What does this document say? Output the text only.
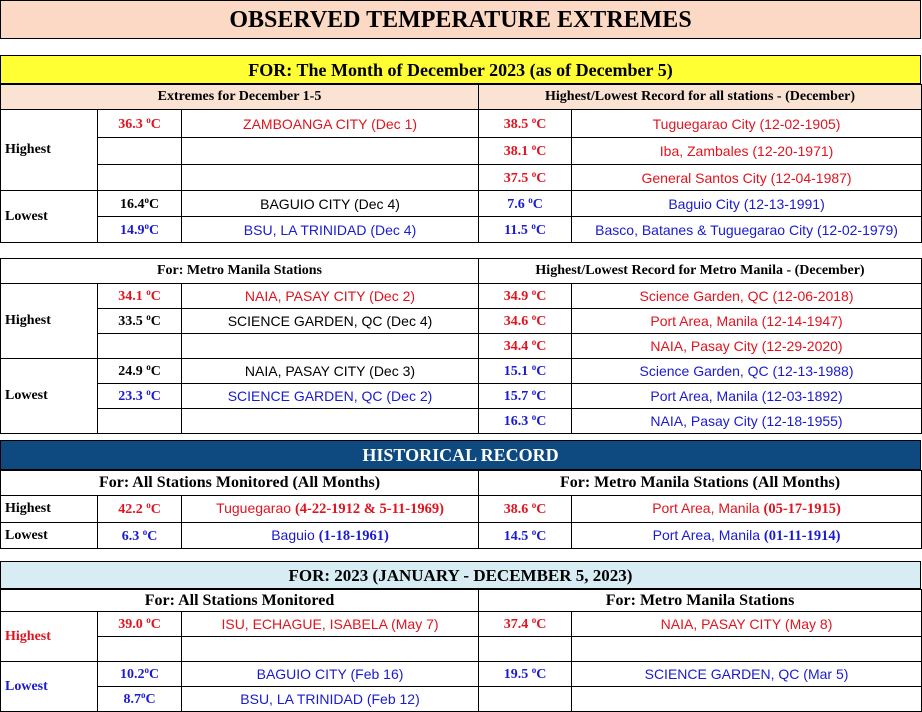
OBSERVED TEMPERATURE EXTREMES
FOR: The Month of December 2023 (as of December 5)
Extremes for December 1-5			Highest/Lowest Record for all stations - (December)	
Highest	36.3 $^o$C	ZAMBOANGA CITY (Dec 1)	38.5 $^o$C	Tuguegarao City (12-02-1905)
			38.1 $^o$C	Iba, Zambales (12-20-1971)
			37.5 $^o$C	General Santos City (12-04-1987)
Lowest	16.4$^o$C	BAGUIO CITY (Dec 4)	7.6 $^o$C	Baguio City (12-13-1991)
	14.9$^o$C	BSU, LA TRINIDAD (Dec 4)	11.5 $^o$C	Basco, Batanes & Tuguegarao City (12-02-1979)
For: Metro Manila Stations			Highest/Lowest Record for Metro Manila - (December)	
Highest	34.1 $^o$C	NAIA, PASAY CITY (Dec 2)	34.9 $^o$C	Science Garden, QC (12-06-2018)
	33.5 $^o$C	SCIENCE GARDEN, QC (Dec 4)	34.6 $^o$C	Port Area, Manila (12-14-1947)
			34.4 $^o$C	NAIA, Pasay City (12-29-2020)
Lowest	24.9 $^o$C	NAIA, PASAY CITY (Dec 3)	15.1 $^o$C	Science Garden, QC (12-13-1988)
	23.3 $^o$C	SCIENCE GARDEN, QC (Dec 2)	15.7 $^o$C	Port Area, Manila (12-03-1892)
			16.3 $^o$C	NAIA, Pasay City (12-18-1955)
HISTORICAL RECORD
For: All Stations Monitored (All Months)			For: Metro Manila Stations (All Months)	
Highest	42.2 $^o$C	Tuguegarao (4-22-1912 & 5-11-1969)	38.6 $^o$C	Port Area, Manila (05-17-1915)
Lowest	6.3 $^o$C	Baguio (1-18-1961)	14.5 $^o$C	Port Area, Manila (01-11-1914)
FOR: 2023 (JANUARY - DECEMBER 5, 2023)
For: All Stations Monitored			For: Metro Manila Stations	
Highest	39.0 $^o$C	ISU, ECHAGUE, ISABELA (May 7)	37.4 $^o$C	NAIA, PASAY CITY (May 8)

Lowest	10.2$^o$C	BAGUIO CITY (Feb 16)	19.5 $^o$C	SCIENCE GARDEN, QC (Mar 5)
	8.7$^o$C	BSU, LA TRINIDAD (Feb 12)		
